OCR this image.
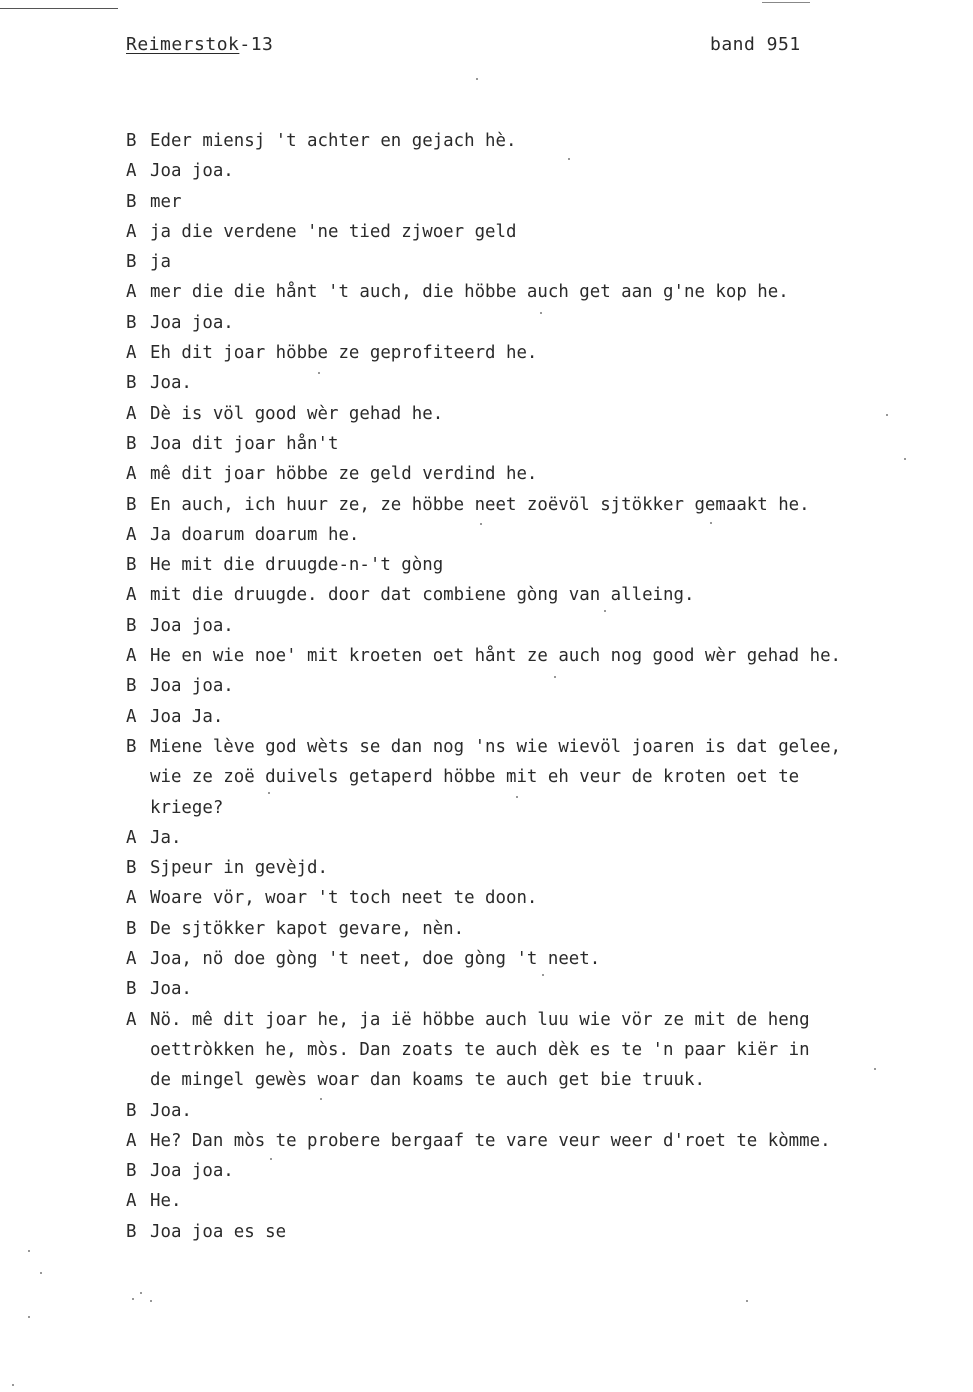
Reimerstok-13	band 951
B Eder miensj 't achter en gejach hè.
A Joa joa.
B mer
A ja die verdene 'ne tied zjwoer geld
B ja
A mer die die hånt 't auch, die höbbe auch get aan g'ne kop he.
B Joa joa.
A Eh dit joar höbbe ze geprofiteerd he.
B Joa.
A Dè is völ good wèr gehad he.
B Joa dit joar hån't
A mê dit joar höbbe ze geld verdind he.
B En auch, ich huur ze, ze höbbe neet zoëvöl sjtökker gemaakt he.
A Ja doarum doarum he.
B He mit die druugde-n-'t gòng
A mit die druugde. door dat combiene gòng van alleing.
B Joa joa.
A He en wie noe' mit kroeten oet hånt ze auch nog good wèr gehad he.
B Joa joa.
A Joa Ja.
B Miene lève god wèts se dan nog 'ns wie wievöl joaren is dat gelee,
wie ze zoë duivels getaperd höbbe mit eh veur de kroten oet te
kriege?
A Ja.
B Sjpeur in gevèjd.
A Woare vör, woar 't toch neet te doon.
B De sjtökker kapot gevare, nèn.
A Joa, nö doe gòng 't neet, doe gòng 't neet.
B Joa.
A Nö. mê dit joar he, ja ië höbbe auch luu wie vör ze mit de heng
oettròkken he, mòs. Dan zoats te auch dèk es te 'n paar kiër in
de mingel gewès woar dan koams te auch get bie truuk.
B Joa.
A He? Dan mòs te probere bergaaf te vare veur weer d'roet te kòmme.
B Joa joa.
A He.
B Joa joa es se
